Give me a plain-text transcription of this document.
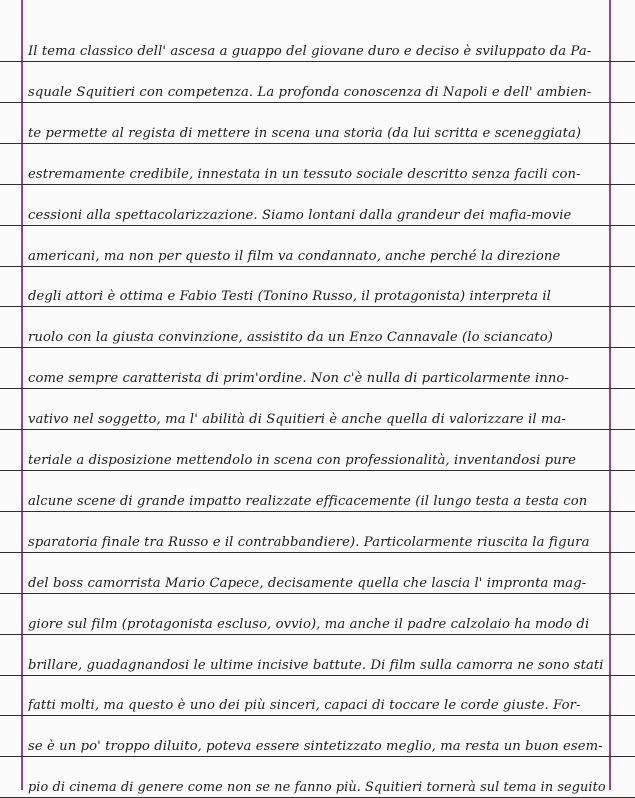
Il tema classico dell' ascesa a guappo del giovane duro e deciso è sviluppato da Pa-
squale Squitieri con competenza. La profonda conoscenza di Napoli e dell' ambien-
te permette al regista di mettere in scena una storia (da lui scritta e sceneggiata)
estremamente credibile, innestata in un tessuto sociale descritto senza facili con-
cessioni alla spettacolarizzazione. Siamo lontani dalla grandeur dei mafia-movie
americani, ma non per questo il film va condannato, anche perché la direzione
degli attori è ottima e Fabio Testi (Tonino Russo, il protagonista) interpreta il
ruolo con la giusta convinzione, assistito da un Enzo Cannavale (lo sciancato)
come sempre caratterista di prim'ordine. Non c'è nulla di particolarmente inno-
vativo nel soggetto, ma l' abilità di Squitieri è anche quella di valorizzare il ma-
teriale a disposizione mettendolo in scena con professionalità, inventandosi pure
alcune scene di grande impatto realizzate efficacemente (il lungo testa a testa con
sparatoria finale tra Russo e il contrabbandiere). Particolarmente riuscita la figura
del boss camorrista Mario Capece, decisamente quella che lascia l' impronta mag-
giore sul film (protagonista escluso, ovvio), ma anche il padre calzolaio ha modo di
brillare, guadagnandosi le ultime incisive battute. Di film sulla camorra ne sono stati
fatti molti, ma questo è uno dei più sinceri, capaci di toccare le corde giuste. For-
se è un po' troppo diluito, poteva essere sintetizzato meglio, ma resta un buon esem-
pio di cinema di genere come non se ne fanno più. Squitieri tornerà sul tema in seguito
